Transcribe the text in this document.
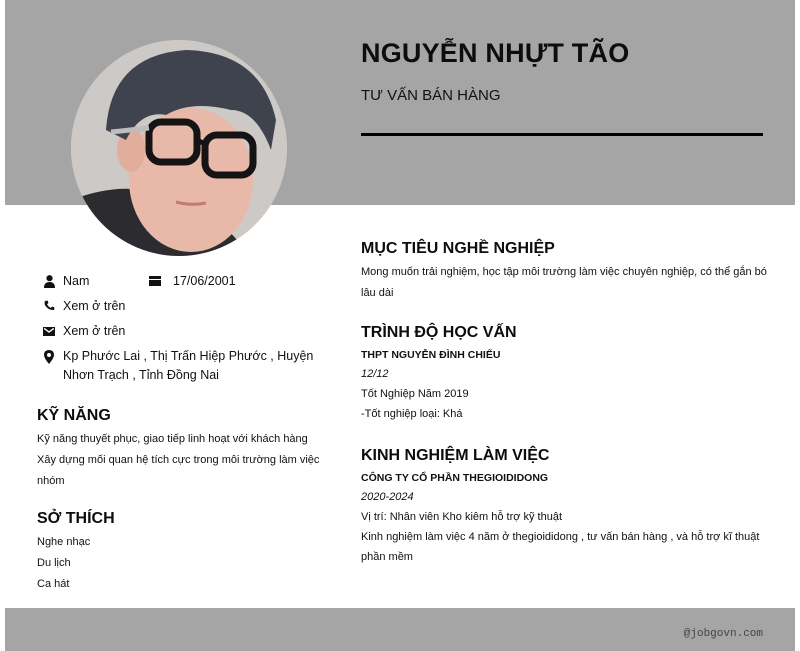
NGUYỄN NHỰT TÃO
TƯ VẤN BÁN HÀNG
Nam	17/06/2001
Xem ở trên
Xem ở trên
Kp Phước Lai , Thị Trấn Hiệp Phước , Huyện Nhơn Trạch , Tỉnh Đồng Nai
KỸ NĂNG

Kỹ năng thuyết phục, giao tiếp linh hoạt với khách hàng

Xây dựng mối quan hệ tích cực trong môi trường làm việc nhóm

SỞ THÍCH

Nghe nhạc

Du lịch

Ca hát

MỤC TIÊU NGHỀ NGHIỆP

Mong muốn trải nghiệm, học tập môi trường làm việc chuyên nghiệp, có thể gắn bó lâu dài

TRÌNH ĐỘ HỌC VẤN

THPT NGUYỄN ĐÌNH CHIỂU

12/12

Tốt Nghiệp Năm 2019

-Tốt nghiệp loại: Khá

KINH NGHIỆM LÀM VIỆC

CÔNG TY CỔ PHẦN THEGIOIDIDONG

2020-2024

Vị trí: Nhân viên Kho kiêm hỗ trợ kỹ thuật

Kinh nghiệm làm việc 4 năm ở thegioididong , tư vấn bán hàng , và hỗ trợ kĩ thuật phần mềm

@jobgovn.com
